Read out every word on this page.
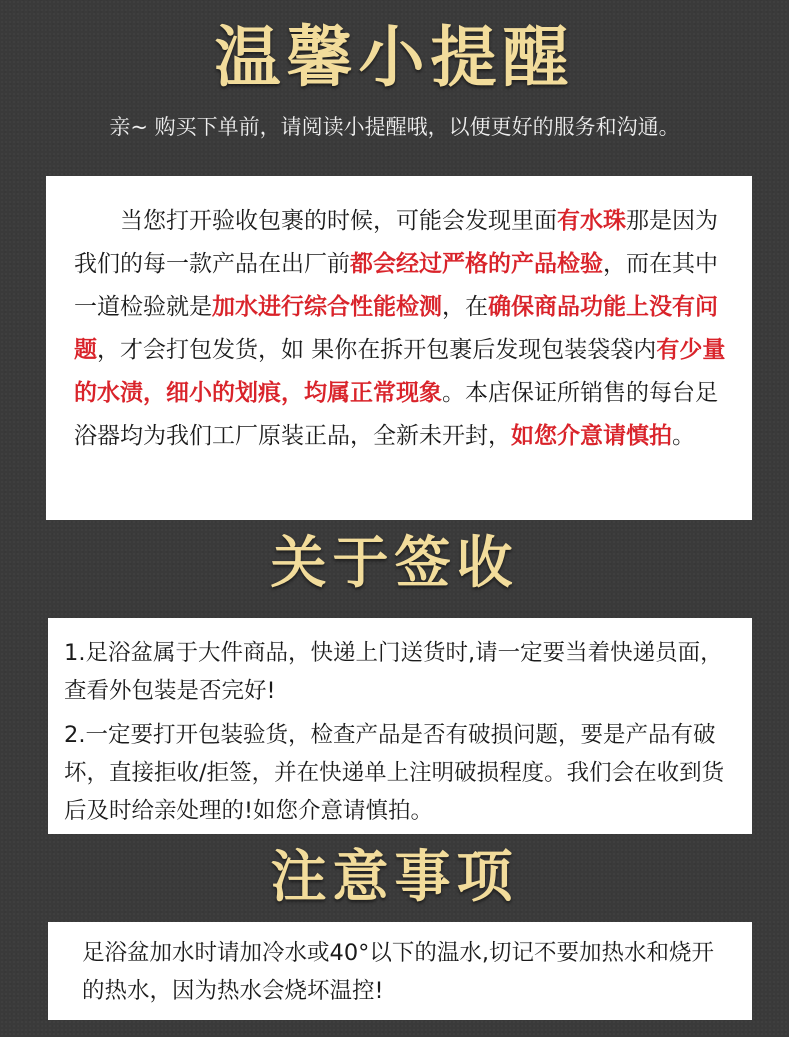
温馨小提醒
亲~ 购买下单前，请阅读小提醒哦，以便更好的服务和沟通。

当您打开验收包裹的时候，可能会发现里面有水珠那是因为我们的每一款产品在出厂前都会经过严格的产品检验，而在其中一道检验就是加水进行综合性能检测，在确保商品功能上没有问题，才会打包发货，如 果你在拆开包裹后发现包装袋袋内有少量的水渍，细小的划痕，均属正常现象。本店保证所销售的每台足浴器均为我们工厂原装正品，全新未开封，如您介意请慎拍。

关于签收

1.足浴盆属于大件商品，快递上门送货时,请一定要当着快递员面，查看外包装是否完好!

2.一定要打开包装验货，检查产品是否有破损问题，要是产品有破坏，直接拒收/拒签，并在快递单上注明破损程度。我们会在收到货后及时给亲处理的!如您介意请慎拍。

注意事项

足浴盆加水时请加冷水或40°以下的温水,切记不要加热水和烧开的热水，因为热水会烧坏温控!
